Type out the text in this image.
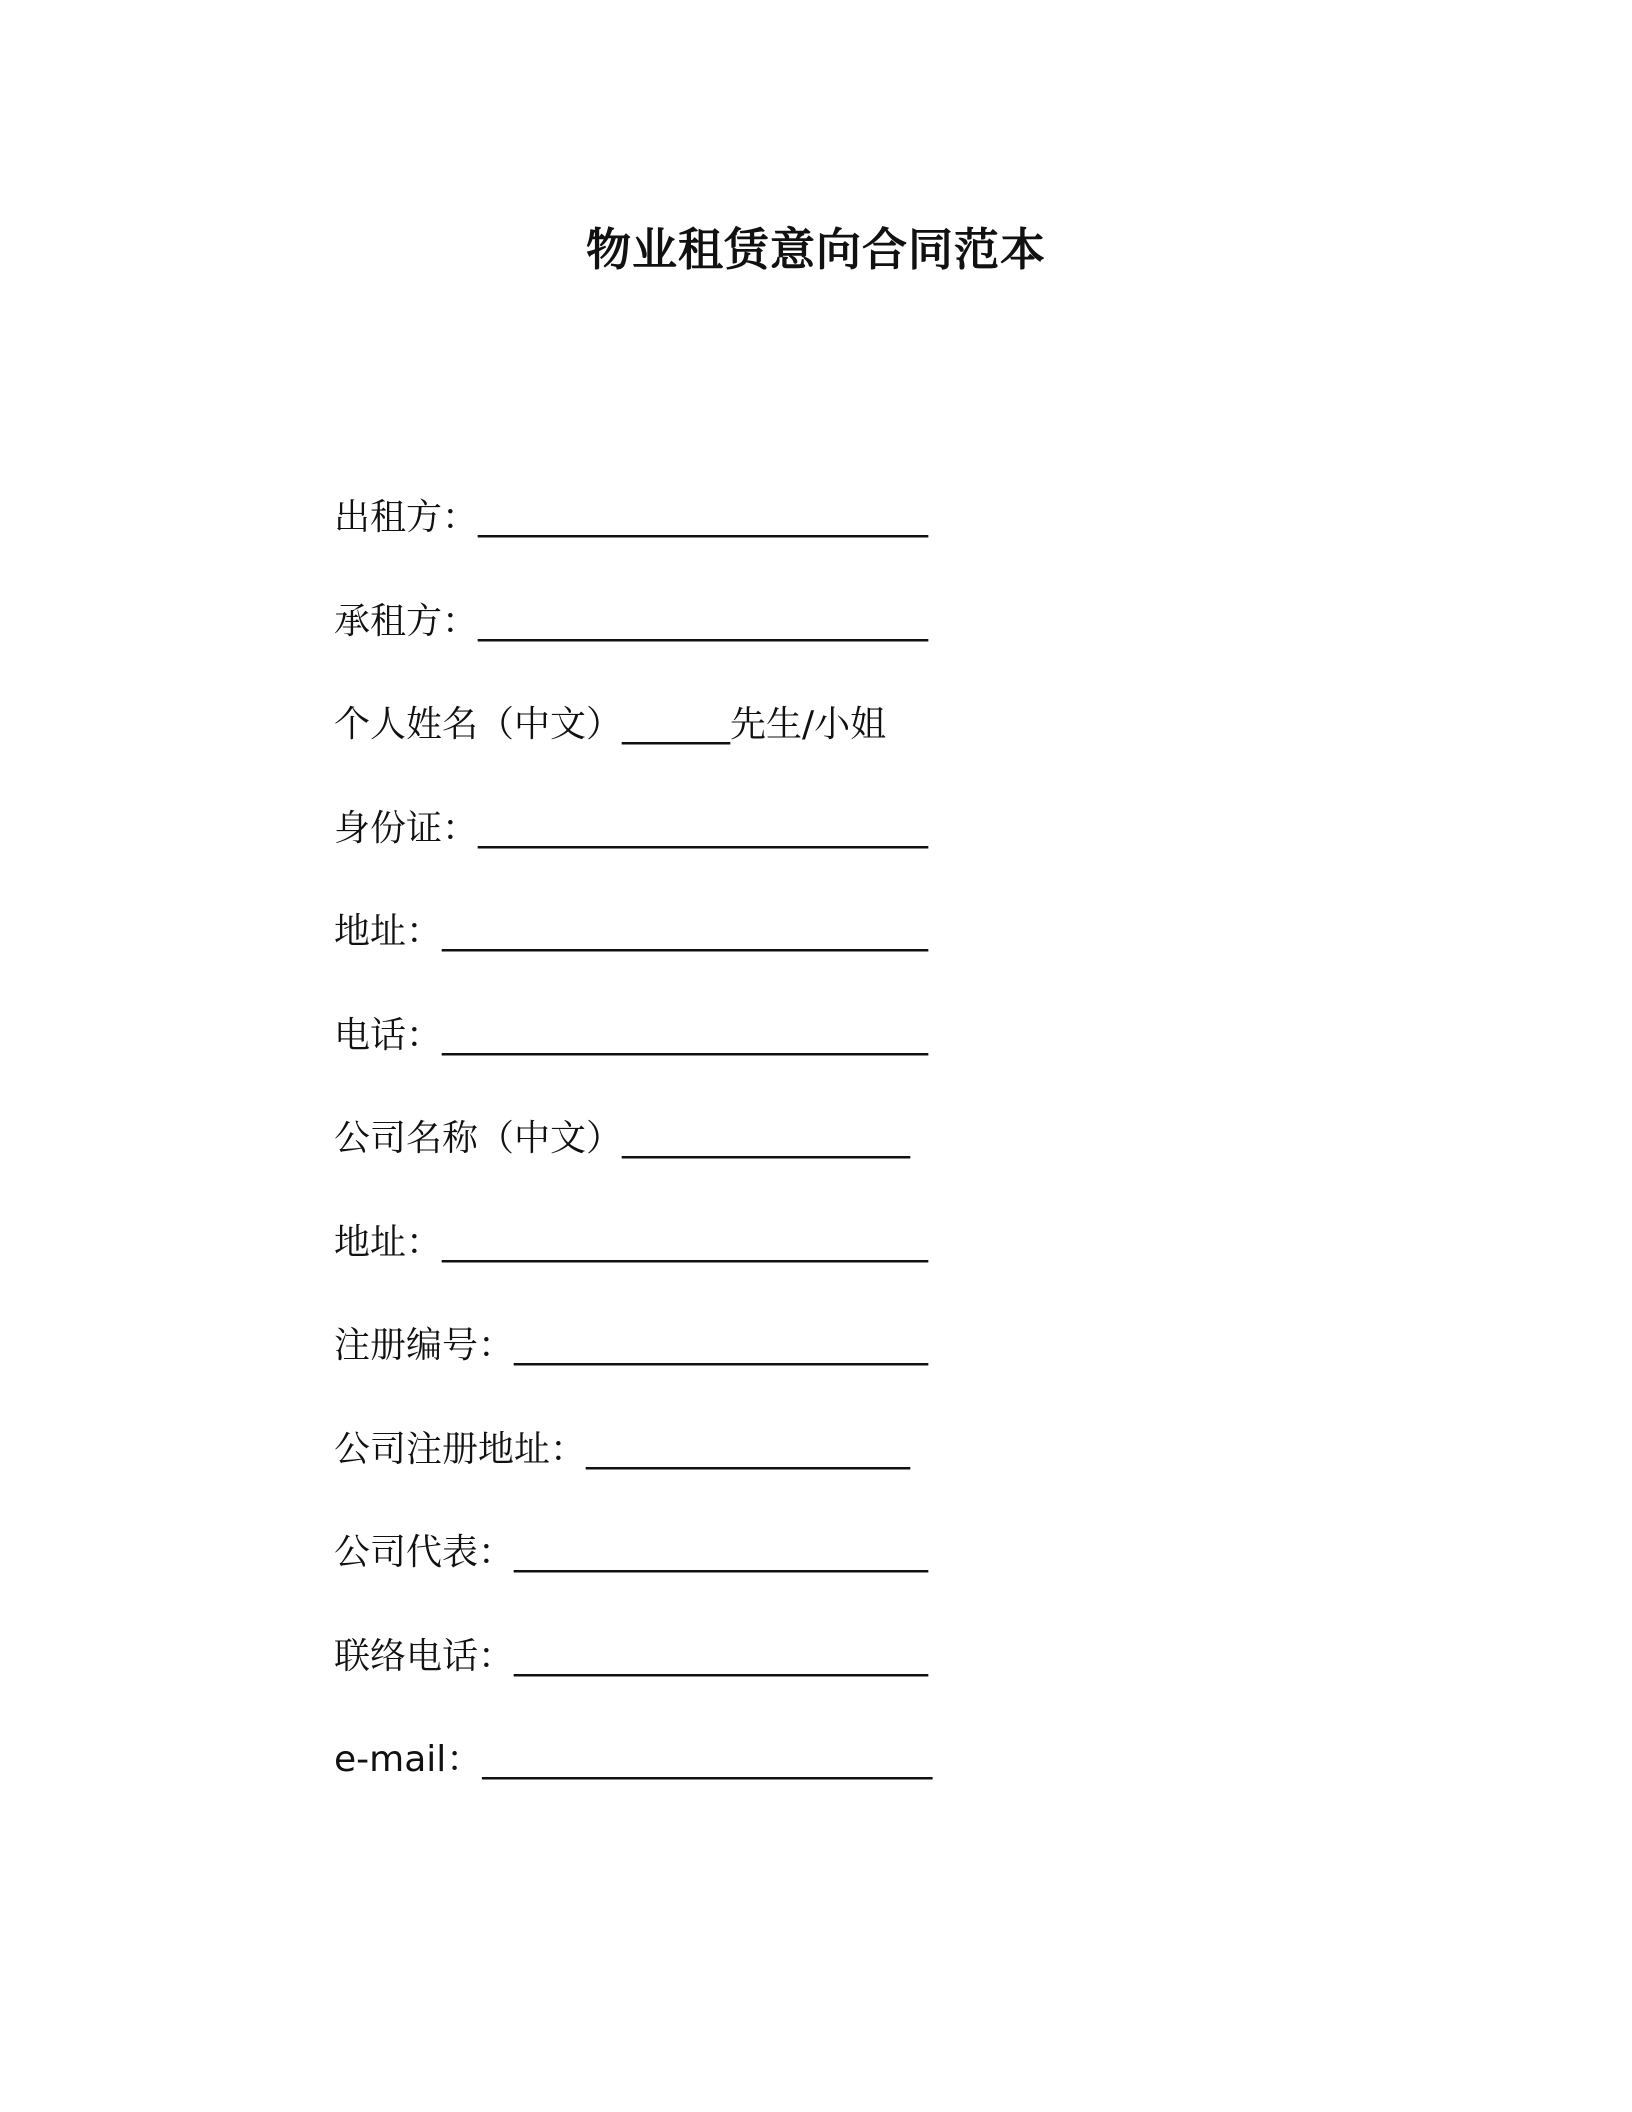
物业租赁意向合同范本
出租方： _________________________
承租方： _________________________
个人姓名（中文） ______ 先生/小姐
身份证： _________________________
地址： ___________________________
电话： ___________________________
公司名称（中文） ________________
地址： ___________________________
注册编号： _______________________
公司注册地址： __________________
公司代表： _______________________
联络电话： _______________________
e-mail： _________________________
